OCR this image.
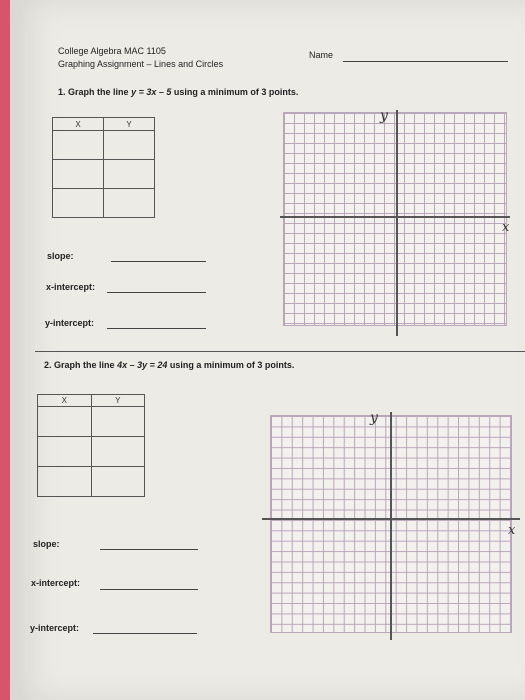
College Algebra MAC 1105
Graphing Assignment – Lines and Circles
Name
1. Graph the line y = 3x – 5 using a minimum of 3 points.
X	Y

slope:
x-intercept:
y-intercept:
y
x
2. Graph the line 4x – 3y = 24 using a minimum of 3 points.
X	Y

slope:
x-intercept:
y-intercept:
y
x
